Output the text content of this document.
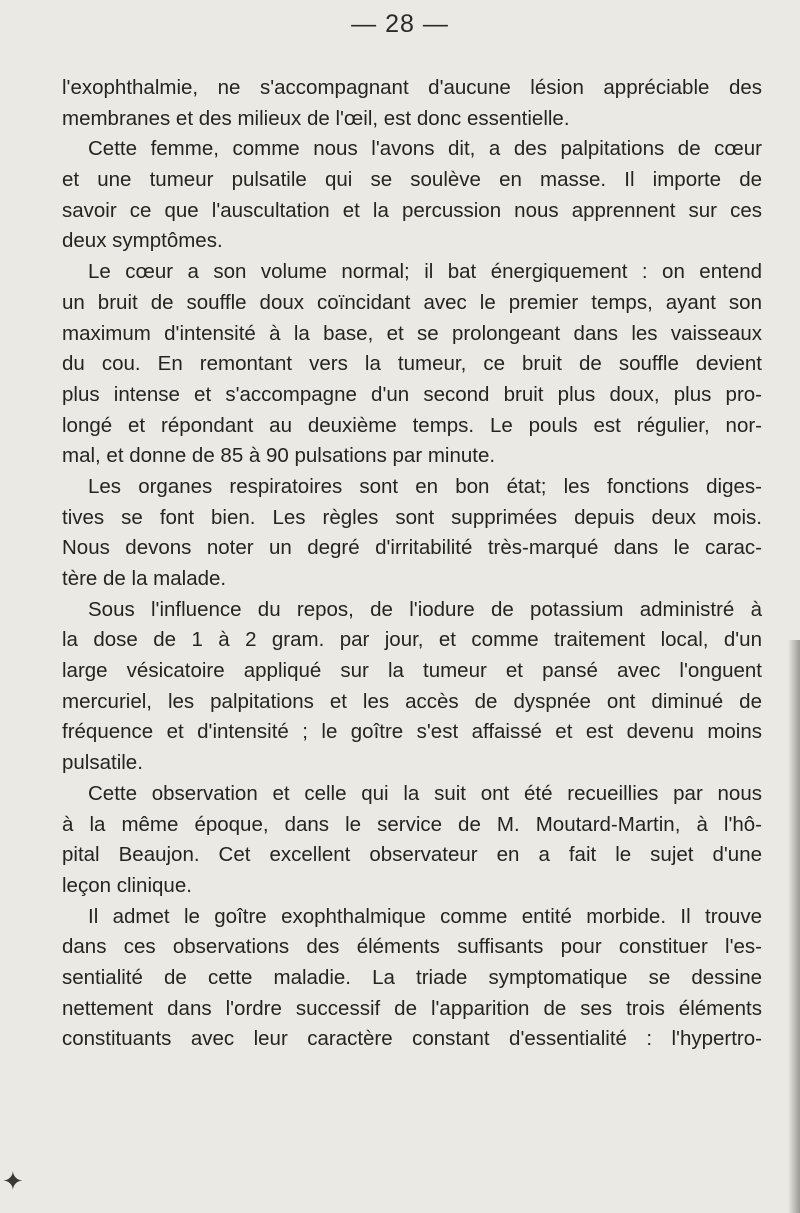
— 28 —
l'exophthalmie, ne s'accompagnant d'aucune lésion appréciable des
membranes et des milieux de l'œil, est donc essentielle.
Cette femme, comme nous l'avons dit, a des palpitations de cœur
et une tumeur pulsatile qui se soulève en masse. Il importe de
savoir ce que l'auscultation et la percussion nous apprennent sur ces
deux symptômes.
Le cœur a son volume normal; il bat énergiquement : on entend
un bruit de souffle doux coïncidant avec le premier temps, ayant son
maximum d'intensité à la base, et se prolongeant dans les vaisseaux
du cou. En remontant vers la tumeur, ce bruit de souffle devient
plus intense et s'accompagne d'un second bruit plus doux, plus pro-
longé et répondant au deuxième temps. Le pouls est régulier, nor-
mal, et donne de 85 à 90 pulsations par minute.
Les organes respiratoires sont en bon état; les fonctions diges-
tives se font bien. Les règles sont supprimées depuis deux mois.
Nous devons noter un degré d'irritabilité très-marqué dans le carac-
tère de la malade.
Sous l'influence du repos, de l'iodure de potassium administré à
la dose de 1 à 2 gram. par jour, et comme traitement local, d'un
large vésicatoire appliqué sur la tumeur et pansé avec l'onguent
mercuriel, les palpitations et les accès de dyspnée ont diminué de
fréquence et d'intensité ; le goître s'est affaissé et est devenu moins
pulsatile.
Cette observation et celle qui la suit ont été recueillies par nous
à la même époque, dans le service de M. Moutard-Martin, à l'hô-
pital Beaujon. Cet excellent observateur en a fait le sujet d'une
leçon clinique.
Il admet le goître exophthalmique comme entité morbide. Il trouve
dans ces observations des éléments suffisants pour constituer l'es-
sentialité de cette maladie. La triade symptomatique se dessine
nettement dans l'ordre successif de l'apparition de ses trois éléments
constituants avec leur caractère constant d'essentialité : l'hypertro-
✦
